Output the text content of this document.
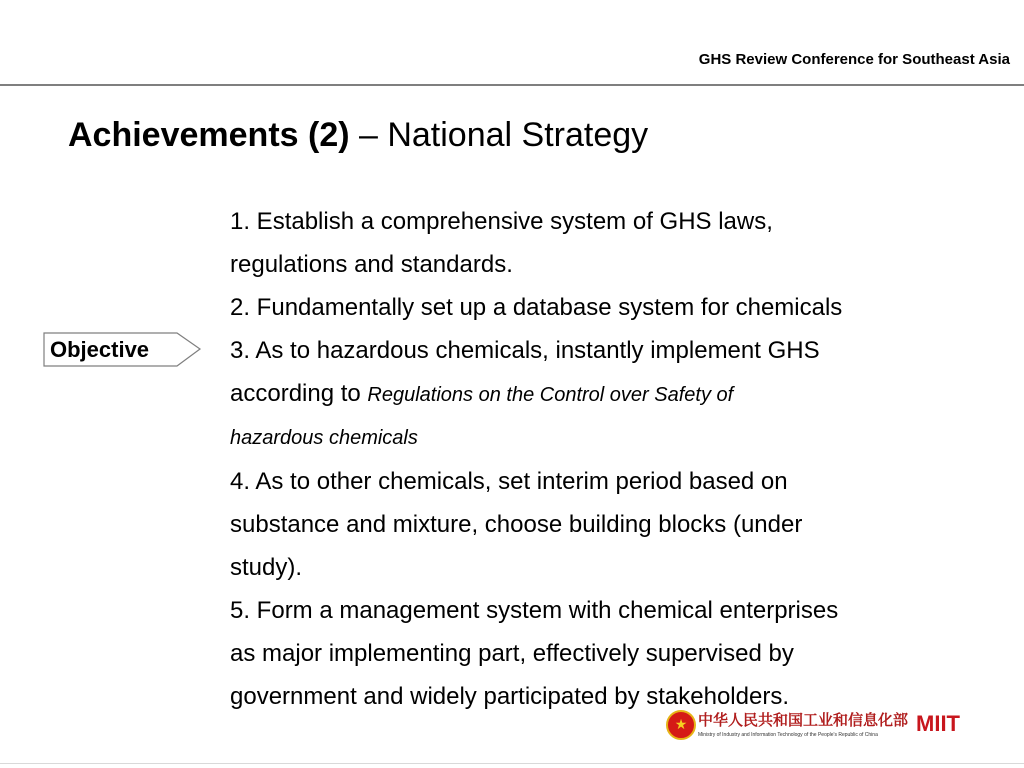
GHS Review Conference for Southeast Asia
Achievements (2) – National Strategy
Objective
1. Establish a comprehensive system of GHS laws,
regulations and standards.
2. Fundamentally set up a database system for chemicals
3. As to hazardous chemicals, instantly implement GHS
according to Regulations on the Control over Safety of
hazardous chemicals
4. As to other chemicals, set interim period based on
substance and mixture, choose building blocks (under
study).
5. Form a management system with chemical enterprises
as major implementing part, effectively supervised by
government and widely participated by stakeholders.
★ 中华人民共和国工业和信息化部
Ministry of Industry and Information Technology of the People's Republic of China MIIT
